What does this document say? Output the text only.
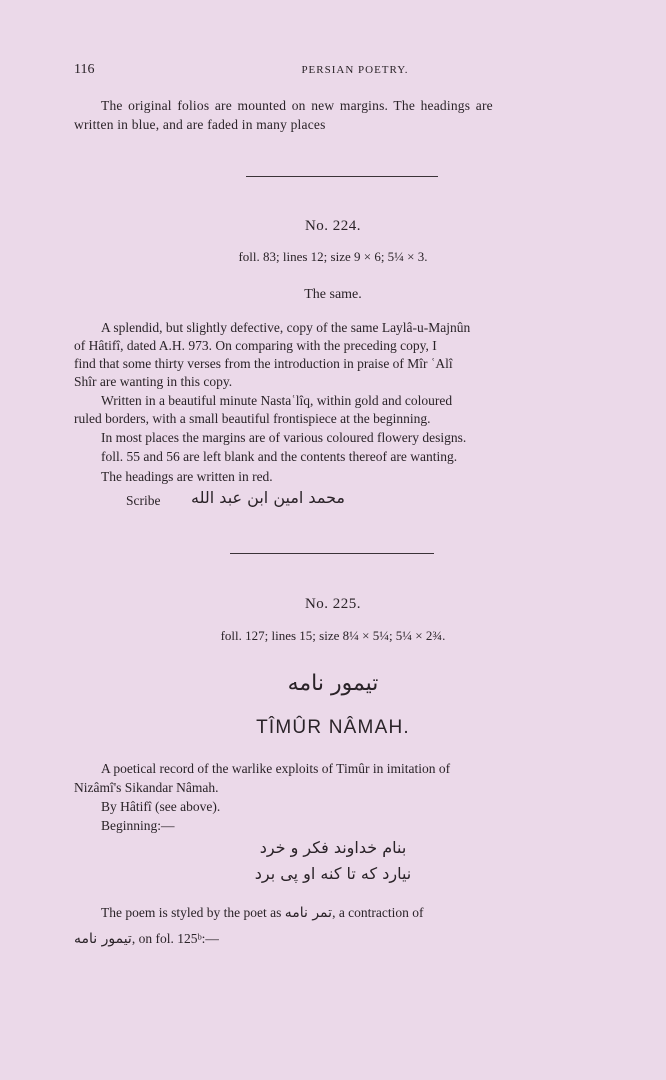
116	PERSIAN POETRY.
The original folios are mounted on new margins. The headings are
written in blue, and are faded in many places
No. 224.
foll. 83; lines 12; size 9 × 6; 5¼ × 3.
The same.
A splendid, but slightly defective, copy of the same Laylâ-u-Majnûn
of Hâtifî, dated A.H. 973. On comparing with the preceding copy, I
find that some thirty verses from the introduction in praise of Mîr ʿAlî
Shîr are wanting in this copy.
Written in a beautiful minute Nastaʿlîq, within gold and coloured
ruled borders, with a small beautiful frontispiece at the beginning.
In most places the margins are of various coloured flowery designs.
foll. 55 and 56 are left blank and the contents thereof are wanting.
The headings are written in red.
Scribe	محمد امین ابن عبد الله
No. 225.
foll. 127; lines 15; size 8¼ × 5¼; 5¼ × 2¾.
تیمور نامه
TÎMÛR NÂMAH.
A poetical record of the warlike exploits of Timûr in imitation of
Nizâmî's Sikandar Nâmah.
By Hâtifî (see above).
Beginning:—
بنام خداوند فکر و خرد
نیارد که تا کنه او پی برد
The poem is styled by the poet as تمر نامه, a contraction of
تیمور نامه, on fol. 125ᵇ:—
